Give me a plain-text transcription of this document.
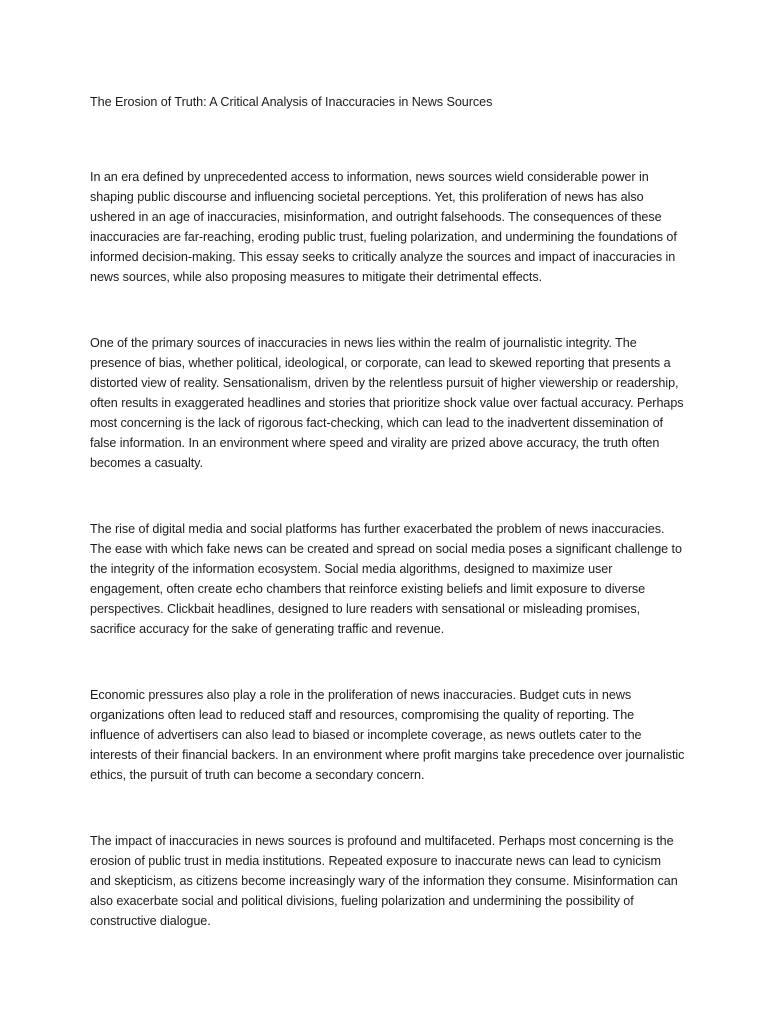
The Erosion of Truth: A Critical Analysis of Inaccuracies in News Sources

In an era defined by unprecedented access to information, news sources wield considerable power in shaping public discourse and influencing societal perceptions. Yet, this proliferation of news has also ushered in an age of inaccuracies, misinformation, and outright falsehoods. The consequences of these inaccuracies are far-reaching, eroding public trust, fueling polarization, and undermining the foundations of informed decision-making. This essay seeks to critically analyze the sources and impact of inaccuracies in news sources, while also proposing measures to mitigate their detrimental effects.

One of the primary sources of inaccuracies in news lies within the realm of journalistic integrity. The presence of bias, whether political, ideological, or corporate, can lead to skewed reporting that presents a distorted view of reality. Sensationalism, driven by the relentless pursuit of higher viewership or readership, often results in exaggerated headlines and stories that prioritize shock value over factual accuracy. Perhaps most concerning is the lack of rigorous fact-checking, which can lead to the inadvertent dissemination of false information. In an environment where speed and virality are prized above accuracy, the truth often becomes a casualty.

The rise of digital media and social platforms has further exacerbated the problem of news inaccuracies. The ease with which fake news can be created and spread on social media poses a significant challenge to the integrity of the information ecosystem. Social media algorithms, designed to maximize user engagement, often create echo chambers that reinforce existing beliefs and limit exposure to diverse perspectives. Clickbait headlines, designed to lure readers with sensational or misleading promises, sacrifice accuracy for the sake of generating traffic and revenue.

Economic pressures also play a role in the proliferation of news inaccuracies. Budget cuts in news organizations often lead to reduced staff and resources, compromising the quality of reporting. The influence of advertisers can also lead to biased or incomplete coverage, as news outlets cater to the interests of their financial backers. In an environment where profit margins take precedence over journalistic ethics, the pursuit of truth can become a secondary concern.

The impact of inaccuracies in news sources is profound and multifaceted. Perhaps most concerning is the erosion of public trust in media institutions. Repeated exposure to inaccurate news can lead to cynicism and skepticism, as citizens become increasingly wary of the information they consume. Misinformation can also exacerbate social and political divisions, fueling polarization and undermining the possibility of constructive dialogue.
